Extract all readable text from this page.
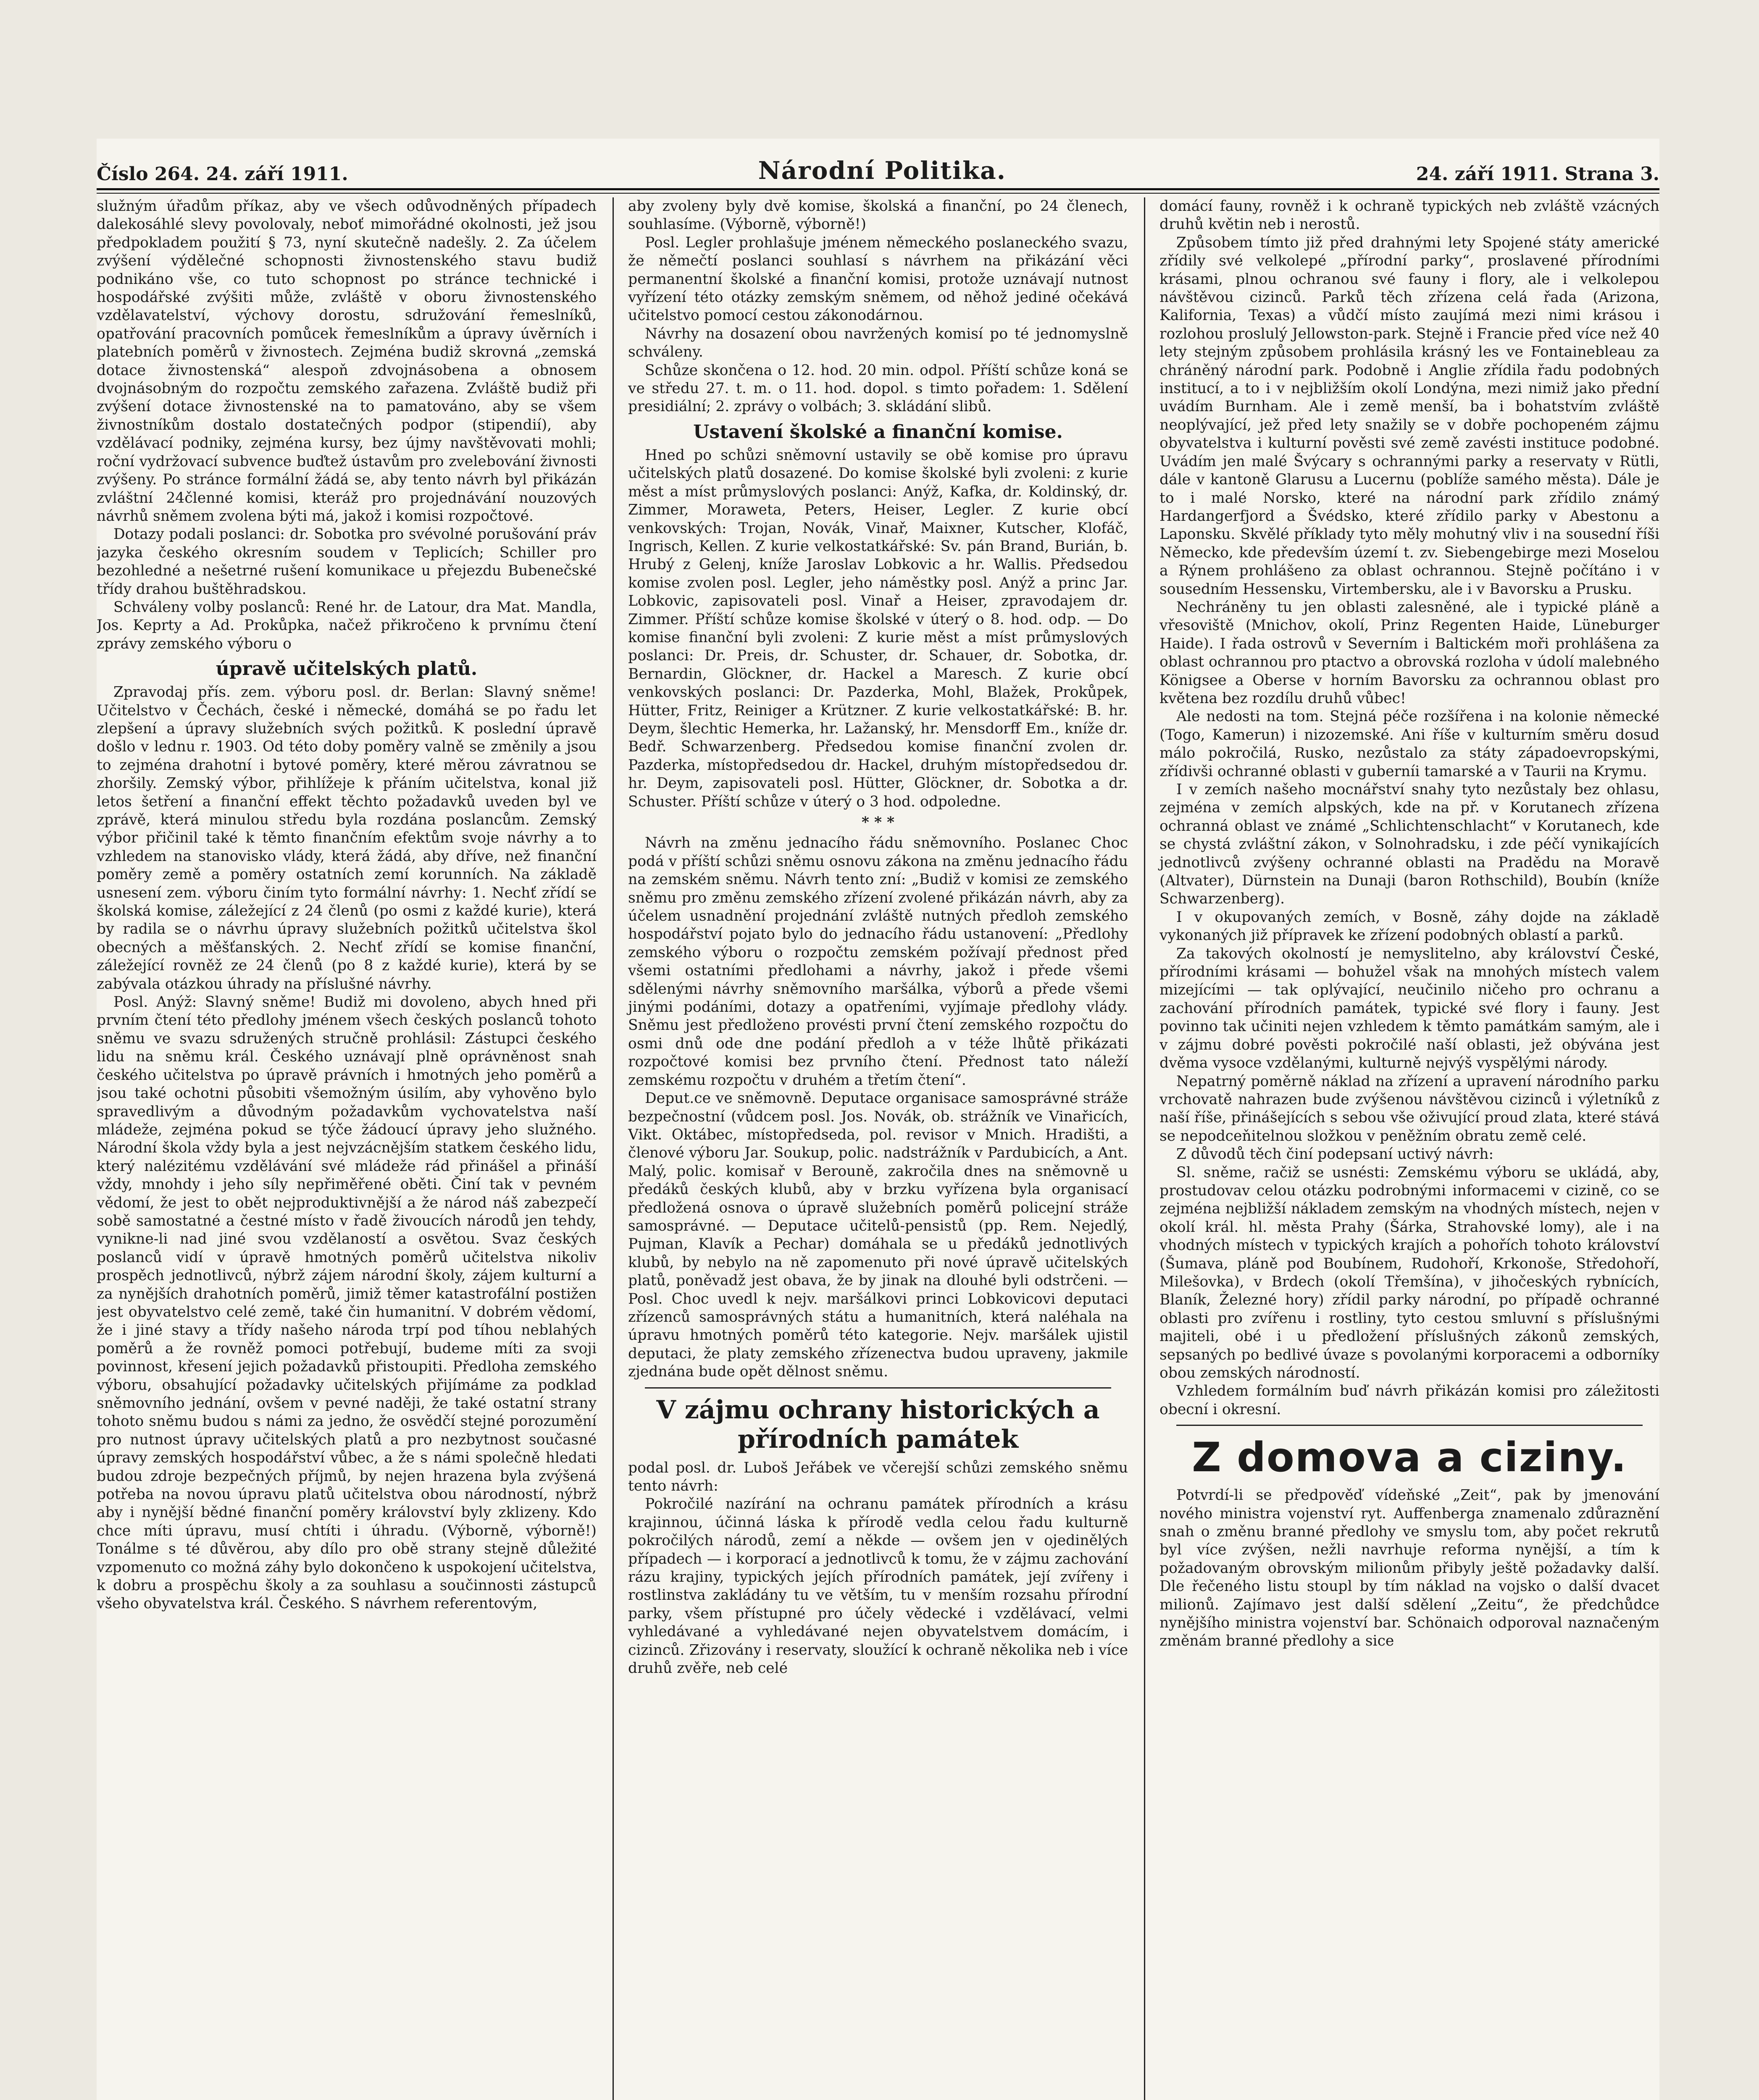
Číslo 264. 24. září 1911.	Národní Politika.	24. září 1911. Strana 3.

služným úřadům příkaz, aby ve všech odůvodněných případech dalekosáhlé slevy povolovaly, neboť mimořádné okolnosti, jež jsou předpokladem použití § 73, nyní skutečně nadešly. 2. Za účelem zvýšení výdělečné schopnosti živnostenského stavu budiž podnikáno vše, co tuto schopnost po stránce technické i hospodářské zvýšiti může, zvláště v oboru živnostenského vzdělavatelství, výchovy dorostu, sdružování řemeslníků, opatřování pracovních pomůcek řemeslníkům a úpravy úvěrních i platebních poměrů v živnostech. Zejména budiž skrovná „zemská dotace živnostenská“ alespoň zdvojnásobena a obnosem dvojnásobným do rozpočtu zemského zařazena. Zvláště budiž při zvýšení dotace živnostenské na to pamatováno, aby se všem živnostníkům dostalo dostatečných podpor (stipendií), aby vzdělávací podniky, zejména kursy, bez újmy navštěvovati mohli; roční vydržovací subvence buďtež ústavům pro zvelebování živnosti zvýšeny. Po stránce formální žádá se, aby tento návrh byl přikázán zvláštní 24členné komisi, kteráž pro projednávání nouzových návrhů sněmem zvolena býti má, jakož i komisi rozpočtové.

Dotazy podali poslanci: dr. Sobotka pro svévolné porušování práv jazyka českého okresním soudem v Teplicích; Schiller pro bezohledné a nešetrné rušení komunikace u přejezdu Bubenečské třídy drahou buštěhradskou.

Schváleny volby poslanců: René hr. de Latour, dra Mat. Mandla, Jos. Keprty a Ad. Prokůpka, načež přikročeno k prvnímu čtení zprávy zemského výboru o

úpravě učitelských platů.

Zpravodaj přís. zem. výboru posl. dr. Berlan: Slavný sněme! Učitelstvo v Čechách, české i německé, domáhá se po řadu let zlepšení a úpravy služebních svých požitků. K poslední úpravě došlo v lednu r. 1903. Od této doby poměry valně se změnily a jsou to zejména drahotní i bytové poměry, které měrou závratnou se zhoršily. Zemský výbor, přihlížeje k přáním učitelstva, konal již letos šetření a finanční effekt těchto požadavků uveden byl ve zprávě, která minulou středu byla rozdána poslancům. Zemský výbor přičinil také k těmto finančním efektům svoje návrhy a to vzhledem na stanovisko vlády, která žádá, aby dříve, než finanční poměry země a poměry ostatních zemí korunních. Na základě usnesení zem. výboru činím tyto formální návrhy: 1. Nechť zřídí se školská komise, záležející z 24 členů (po osmi z každé kurie), která by radila se o návrhu úpravy služebních požitků učitelstva škol obecných a měšťanských. 2. Nechť zřídí se komise finanční, záležející rovněž ze 24 členů (po 8 z každé kurie), která by se zabývala otázkou úhrady na příslušné návrhy.

Posl. Anýž: Slavný sněme! Budiž mi dovoleno, abych hned při prvním čtení této předlohy jménem všech českých poslanců tohoto sněmu ve svazu sdružených stručně prohlásil: Zástupci českého lidu na sněmu král. Českého uznávají plně oprávněnost snah českého učitelstva po úpravě právních i hmotných jeho poměrů a jsou také ochotni působiti všemožným úsilím, aby vyhověno bylo spravedlivým a důvodným požadavkům vychovatelstva naší mládeže, zejména pokud se týče žádoucí úpravy jeho služného. Národní škola vždy byla a jest nejvzácnějším statkem českého lidu, který nalézitému vzdělávání své mládeže rád přinášel a přináší vždy, mnohdy i jeho síly nepřiměřené oběti. Činí tak v pevném vědomí, že jest to obět nejproduktivnější a že národ náš zabezpečí sobě samostatné a čestné místo v řadě živoucích národů jen tehdy, vynikne-li nad jiné svou vzdělaností a osvětou. Svaz českých poslanců vidí v úpravě hmotných poměrů učitelstva nikoliv prospěch jednotlivců, nýbrž zájem národní školy, zájem kulturní a za nynějších drahotních poměrů, jimiž těmer katastrofální postižen jest obyvatelstvo celé země, také čin humanitní. V dobrém vědomí, že i jiné stavy a třídy našeho národa trpí pod tíhou neblahých poměrů a že rovněž pomoci potřebují, budeme míti za svoji povinnost, křesení jejich požadavků přistoupiti. Předloha zemského výboru, obsahující požadavky učitelských přijímáme za podklad sněmovního jednání, ovšem v pevné naději, že také ostatní strany tohoto sněmu budou s námi za jedno, že osvědčí stejné porozumění pro nutnost úpravy učitelských platů a pro nezbytnost současné úpravy zemských hospodářství vůbec, a že s námi společně hledati budou zdroje bezpečných příjmů, by nejen hrazena byla zvýšená potřeba na novou úpravu platů učitelstva obou národností, nýbrž aby i nynější bědné finanční poměry království byly zklizeny. Kdo chce míti úpravu, musí chtíti i úhradu. (Výborně, výborně!) Tonálme s té důvěrou, aby dílo pro obě strany stejně důležité vzpomenuto co možná záhy bylo dokončeno k uspokojení učitelstva, k dobru a prospěchu školy a za souhlasu a součinnosti zástupců všeho obyvatelstva král. Českého. S návrhem referentovým,

aby zvoleny byly dvě komise, školská a finanční, po 24 členech, souhlasíme. (Výborně, výborně!)

Posl. Legler prohlašuje jménem německého poslaneckého svazu, že němečtí poslanci souhlasí s návrhem na přikázání věci permanentní školské a finanční komisi, protože uznávají nutnost vyřízení této otázky zemským sněmem, od něhož jediné očekává učitelstvo pomocí cestou zákonodárnou.

Návrhy na dosazení obou navržených komisí po té jednomyslně schváleny.

Schůze skončena o 12. hod. 20 min. odpol. Příští schůze koná se ve středu 27. t. m. o 11. hod. dopol. s timto pořadem: 1. Sdělení presidiální; 2. zprávy o volbách; 3. skládání slibů.

Ustavení školské a finanční komise.

Hned po schůzi sněmovní ustavily se obě komise pro úpravu učitelských platů dosazené. Do komise školské byli zvoleni: z kurie měst a míst průmyslových poslanci: Anýž, Kafka, dr. Koldinský, dr. Zimmer, Moraweta, Peters, Heiser, Legler. Z kurie obcí venkovských: Trojan, Novák, Vinař, Maixner, Kutscher, Klofáč, Ingrisch, Kellen. Z kurie velkostatkářské: Sv. pán Brand, Burián, b. Hrubý z Gelenj, kníže Jaroslav Lobkovic a hr. Wallis. Předsedou komise zvolen posl. Legler, jeho náměstky posl. Anýž a princ Jar. Lobkovic, zapisovateli posl. Vinař a Heiser, zpravodajem dr. Zimmer. Příští schůze komise školské v úterý o 8. hod. odp. — Do komise finanční byli zvoleni: Z kurie měst a míst průmyslových poslanci: Dr. Preis, dr. Schuster, dr. Schauer, dr. Sobotka, dr. Bernardin, Glöckner, dr. Hackel a Maresch. Z kurie obcí venkovských poslanci: Dr. Pazderka, Mohl, Blažek, Prokůpek, Hütter, Fritz, Reiniger a Krützner. Z kurie velkostatkářské: B. hr. Deym, šlechtic Hemerka, hr. Lažanský, hr. Mensdorff Em., kníže dr. Bedř. Schwarzenberg. Předsedou komise finanční zvolen dr. Pazderka, místopředsedou dr. Hackel, druhým místopředsedou dr. hr. Deym, zapisovateli posl. Hütter, Glöckner, dr. Sobotka a dr. Schuster. Příští schůze v úterý o 3 hod. odpoledne.

* * *

Návrh na změnu jednacího řádu sněmovního. Poslanec Choc podá v příští schůzi sněmu osnovu zákona na změnu jednacího řádu na zemském sněmu. Návrh tento zní: „Budiž v komisi ze zemského sněmu pro změnu zemského zřízení zvolené přikázán návrh, aby za účelem usnadnění projednání zvláště nutných předloh zemského hospodářství pojato bylo do jednacího řádu ustanovení: „Předlohy zemského výboru o rozpočtu zemském požívají přednost před všemi ostatními předlohami a návrhy, jakož i přede všemi sdělenými návrhy sněmovního maršálka, výborů a přede všemi jinými podáními, dotazy a opatřeními, vyjímaje předlohy vlády. Sněmu jest předloženo provésti první čtení zemského rozpočtu do osmi dnů ode dne podání předloh a v téže lhůtě přikázati rozpočtové komisi bez prvního čtení. Přednost tato náleží zemskému rozpočtu v druhém a třetím čtení“.

Deput.ce ve sněmovně. Deputace organisace samosprávné stráže bezpečnostní (vůdcem posl. Jos. Novák, ob. strážník ve Vinařicích, Vikt. Oktábec, místopředseda, pol. revisor v Mnich. Hradišti, a členové výboru Jar. Soukup, polic. nadstrážník v Pardubicích, a Ant. Malý, polic. komisař v Berouně, zakročila dnes na sněmovně u předáků českých klubů, aby v brzku vyřízena byla organisací předložená osnova o úpravě služebních poměrů policejní stráže samosprávné. — Deputace učitelů-pensistů (pp. Rem. Nejedlý, Pujman, Klavík a Pechar) domáhala se u předáků jednotlivých klubů, by nebylo na ně zapomenuto při nové úpravě učitelských platů, poněvadž jest obava, že by jinak na dlouhé byli odstrčeni. — Posl. Choc uvedl k nejv. maršálkovi princi Lobkovicovi deputaci zřízenců samosprávných státu a humanitních, která naléhala na úpravu hmotných poměrů této kategorie. Nejv. maršálek ujistil deputaci, že platy zemského zřízenectva budou upraveny, jakmile zjednána bude opět dělnost sněmu.

V zájmu ochrany historických a přírodních památek

podal posl. dr. Luboš Jeřábek ve včerejší schůzi zemského sněmu tento návrh:

Pokročilé nazírání na ochranu památek přírodních a krásu krajinnou, účinná láska k přírodě vedla celou řadu kulturně pokročilých národů, zemí a někde — ovšem jen v ojedinělých případech — i korporací a jednotlivců k tomu, že v zájmu zachování rázu krajiny, typických jejích přírodních památek, její zvířeny i rostlinstva zakládány tu ve větším, tu v menším rozsahu přírodní parky, všem přístupné pro účely vědecké i vzdělávací, velmi vyhledávané a vyhledávané nejen obyvatelstvem domácím, i cizinců. Zřizovány i reservaty, sloužící k ochraně několika neb i více druhů zvěře, neb celé

domácí fauny, rovněž i k ochraně typických neb zvláště vzácných druhů květin neb i nerostů.

Způsobem tímto již před drahnými lety Spojené státy americké zřídily své velkolepé „přírodní parky“, proslavené přírodními krásami, plnou ochranou své fauny i flory, ale i velkolepou návštěvou cizinců. Parků těch zřízena celá řada (Arizona, Kalifornia, Texas) a vůdčí místo zaujímá mezi nimi krásou i rozlohou proslulý Jellowston-park. Stejně i Francie před více než 40 lety stejným způsobem prohlásila krásný les ve Fontainebleau za chráněný národní park. Podobně i Anglie zřídila řadu podobných institucí, a to i v nejbližším okolí Londýna, mezi nimiž jako přední uvádím Burnham. Ale i země menší, ba i bohatstvím zvláště neoplývající, jež před lety snažily se v dobře pochopeném zájmu obyvatelstva i kulturní pověsti své země zavésti instituce podobné. Uvádím jen malé Švýcary s ochrannými parky a reservaty v Rütli, dále v kantoně Glarusu a Lucernu (poblíže samého města). Dále je to i malé Norsko, které na národní park zřídilo známý Hardangerfjord a Švédsko, které zřídilo parky v Abestonu a Laponsku. Skvělé příklady tyto měly mohutný vliv i na sousední říši Německo, kde především území t. zv. Siebengebirge mezi Moselou a Rýnem prohlášeno za oblast ochrannou. Stejně počítáno i v sousedním Hessensku, Virtembersku, ale i v Bavorsku a Prusku.

Nechráněny tu jen oblasti zalesněné, ale i typické pláně a vřesoviště (Mnichov, okolí, Prinz Regenten Haide, Lüneburger Haide). I řada ostrovů v Severním i Baltickém moři prohlášena za oblast ochrannou pro ptactvo a obrovská rozloha v údolí malebného Königsee a Oberse v horním Bavorsku za ochrannou oblast pro květena bez rozdílu druhů vůbec!

Ale nedosti na tom. Stejná péče rozšířena i na kolonie německé (Togo, Kamerun) i nizozemské. Ani říše v kulturním směru dosud málo pokročilá, Rusko, nezůstalo za státy západoevropskými, zřídivši ochranné oblasti v guberníi tamarské a v Taurii na Krymu.

I v zemích našeho mocnářství snahy tyto nezůstaly bez ohlasu, zejména v zemích alpských, kde na př. v Korutanech zřízena ochranná oblast ve známé „Schlichtenschlacht“ v Korutanech, kde se chystá zvláštní zákon, v Solnohradsku, i zde péčí vynikajících jednotlivců zvýšeny ochranné oblasti na Pradědu na Moravě (Altvater), Dürnstein na Dunaji (baron Rothschild), Boubín (kníže Schwarzenberg).

I v okupovaných zemích, v Bosně, záhy dojde na základě vykonaných již přípravek ke zřízení podobných oblastí a parků.

Za takových okolností je nemyslitelno, aby království České, přírodními krásami — bohužel však na mnohých místech valem mizejícími — tak oplývající, neučinilo ničeho pro ochranu a zachování přírodních památek, typické své flory i fauny. Jest povinno tak učiniti nejen vzhledem k těmto památkám samým, ale i v zájmu dobré pověsti pokročilé naší oblasti, jež obývána jest dvěma vysoce vzdělanými, kulturně nejvýš vyspělými národy.

Nepatrný poměrně náklad na zřízení a upravení národního parku vrchovatě nahrazen bude zvýšenou návštěvou cizinců i výletníků z naší říše, přinášejících s sebou vše oživující proud zlata, které stává se nepodceňitelnou složkou v peněžním obratu země celé.

Z důvodů těch činí podepsaní uctivý návrh:

Sl. sněme, račiž se usnésti: Zemskému výboru se ukládá, aby, prostudovav celou otázku podrobnými informacemi v cizině, co se zejména nejbližší nákladem zemským na vhodných místech, nejen v okolí král. hl. města Prahy (Šárka, Strahovské lomy), ale i na vhodných místech v typických krajích a pohořích tohoto království (Šumava, pláně pod Boubínem, Rudohoří, Krkonoše, Středohoří, Milešovka), v Brdech (okolí Třemšína), v jihočeských rybnících, Blaník, Železné hory) zřídil parky národní, po případě ochranné oblasti pro zvířenu i rostliny, tyto cestou smluvní s příslušnými majiteli, obé i u předložení příslušných zákonů zemských, sepsaných po bedlivé úvaze s povolanými korporacemi a odborníky obou zemských národností.

Vzhledem formálním buď návrh přikázán komisi pro záležitosti obecní i okresní.

Z domova a ciziny.

Potvrdí-li se předpověď vídeňské „Zeit“, pak by jmenování nového ministra vojenství ryt. Auffenberga znamenalo zdůraznění snah o změnu branné předlohy ve smyslu tom, aby počet rekrutů byl více zvýšen, nežli navrhuje reforma nynější, a tím k požadovaným obrovským milionům přibyly ještě požadavky další. Dle řečeného listu stoupl by tím náklad na vojsko o další dvacet milionů. Zajímavo jest další sdělení „Zeitu“, že předchůdce nynějšího ministra vojenství bar. Schönaich odporoval naznačeným změnám branné předlohy a sice
